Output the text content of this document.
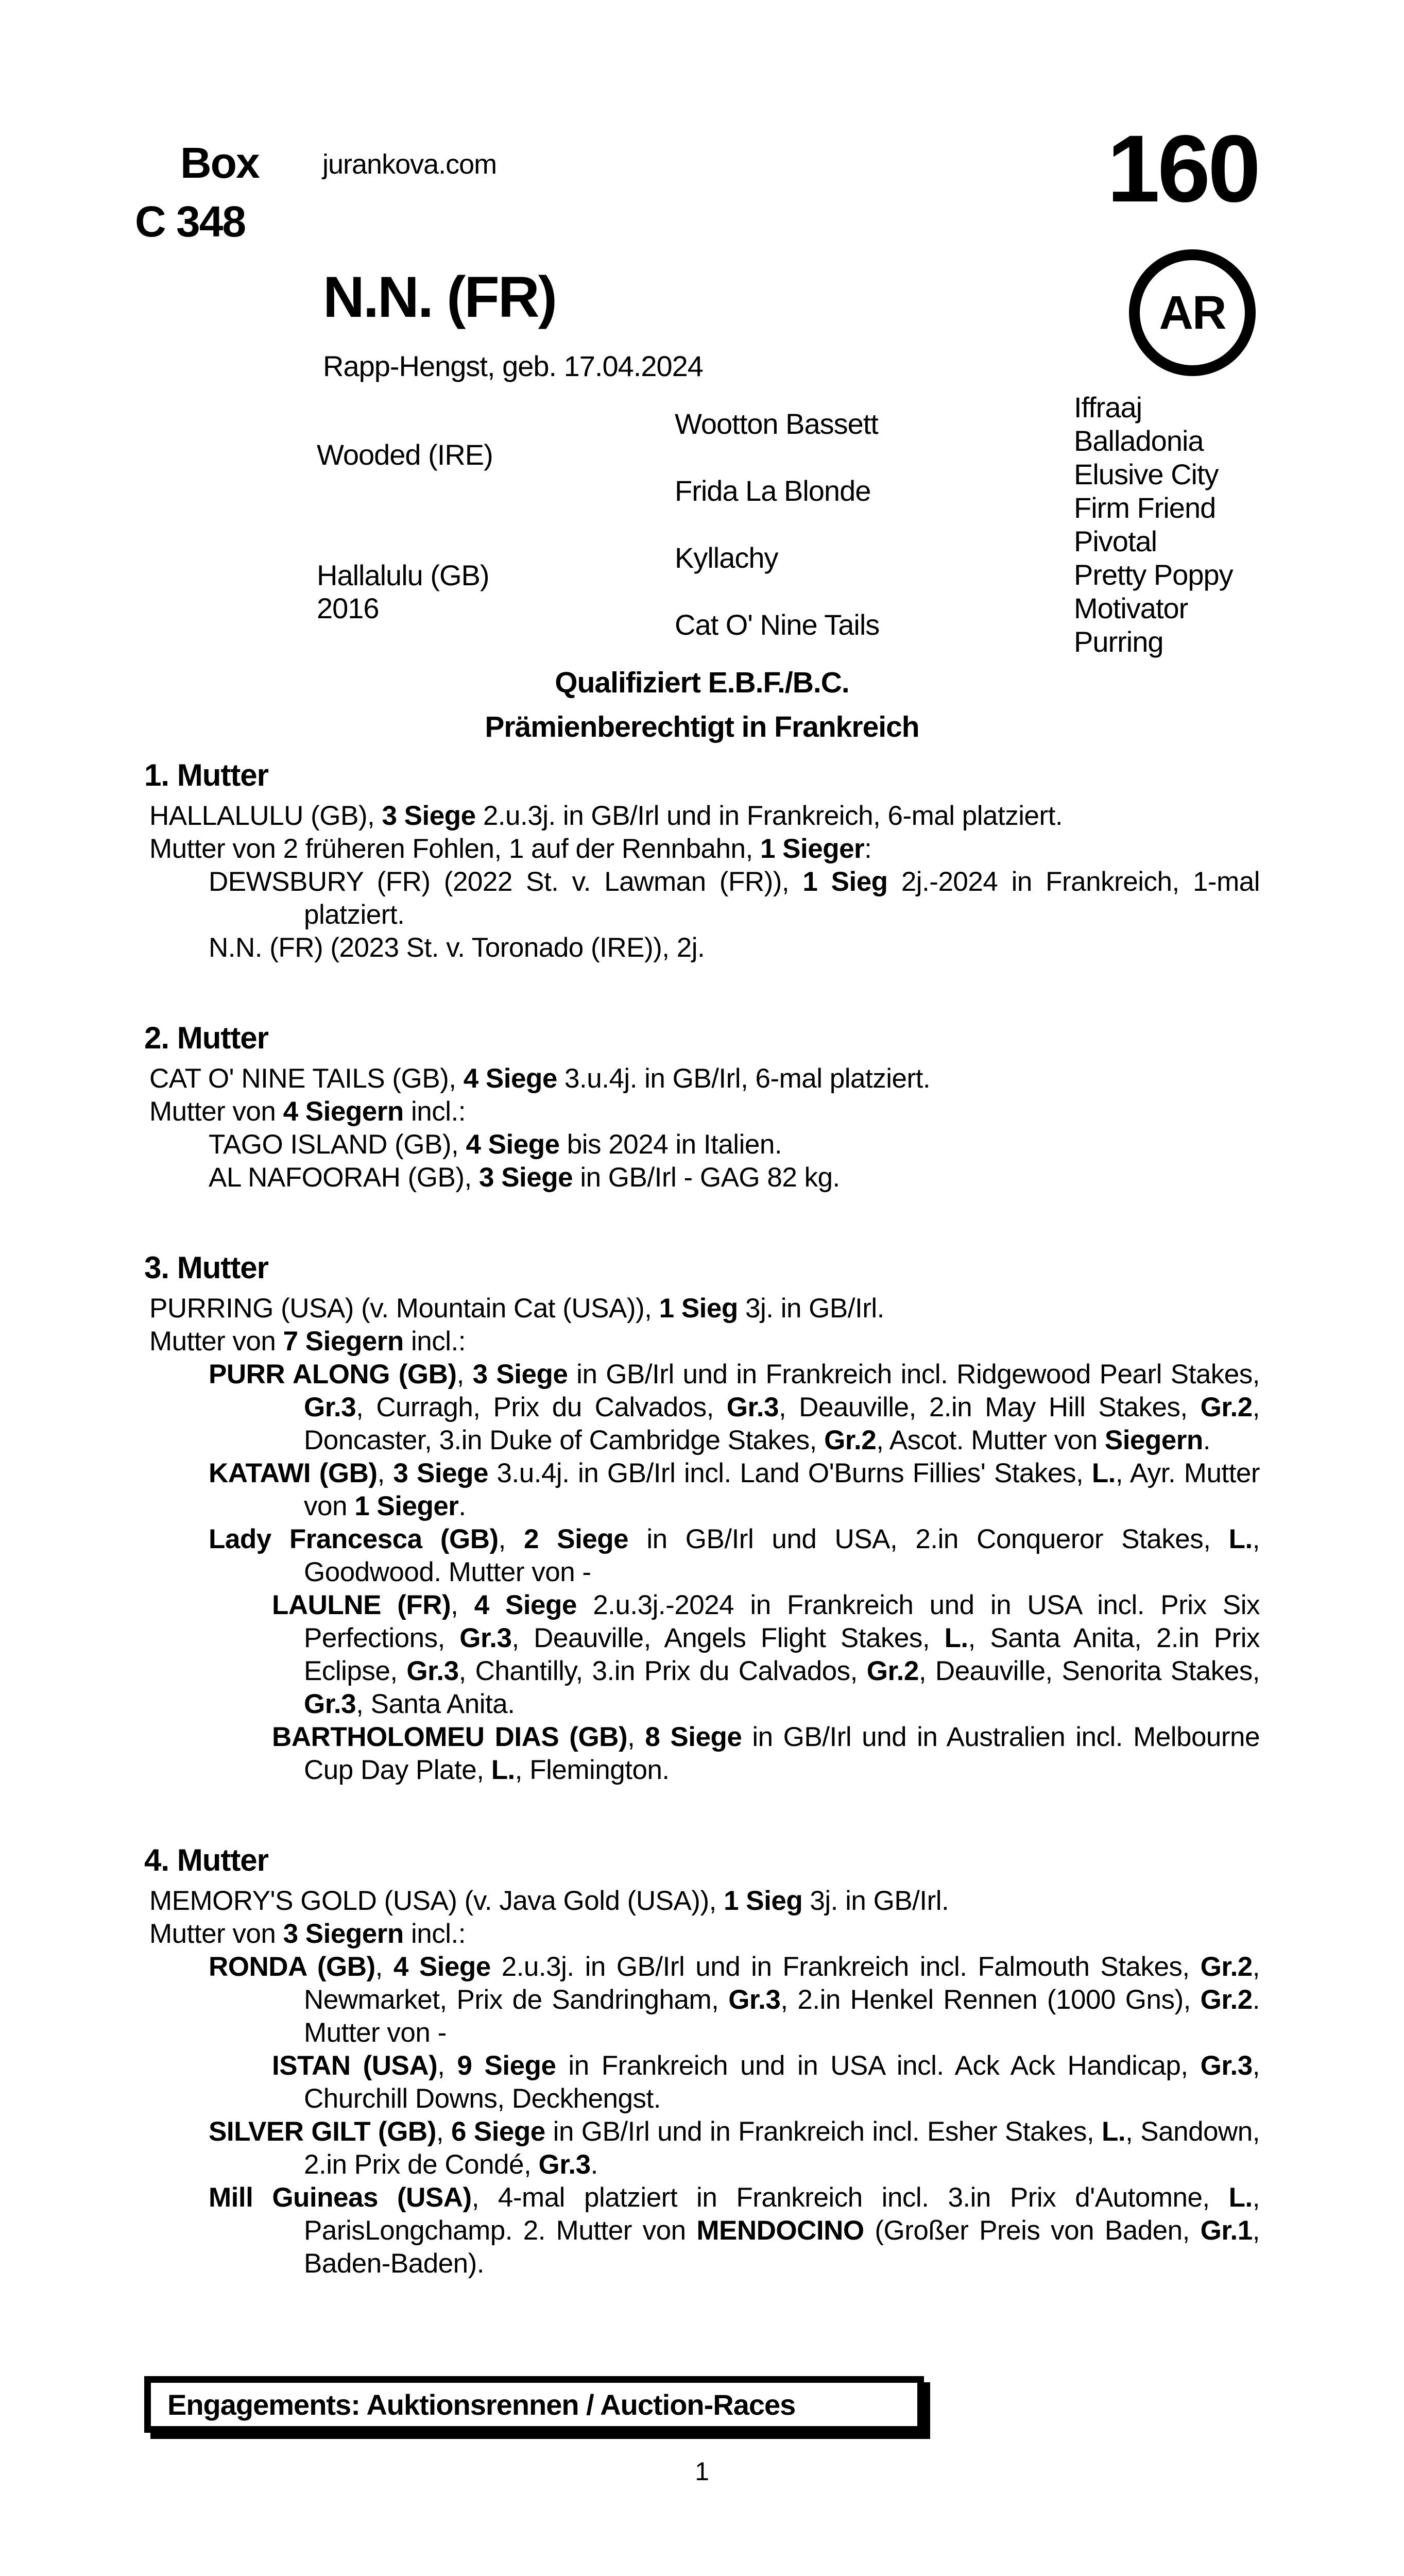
Box
C 348
jurankova.com	160
AR
N.N. (FR)
Rapp-Hengst, geb. 17.04.2024
Wooded (IRE)
Hallalulu (GB)
2016
Wootton Bassett
Frida La Blonde
Kyllachy
Cat O' Nine Tails
Iffraaj
Balladonia
Elusive City
Firm Friend
Pivotal
Pretty Poppy
Motivator
Purring
Qualifiziert E.B.F./B.C.
Prämienberechtigt in Frankreich
1. Mutter

HALLALULU (GB), 3 Siege 2.u.3j. in GB/Irl und in Frankreich, 6-mal platziert.

Mutter von 2 früheren Fohlen, 1 auf der Rennbahn, 1 Sieger:

DEWSBURY (FR) (2022 St. v. Lawman (FR)), 1 Sieg 2j.-2024 in Frankreich, 1-mal platziert.

N.N. (FR) (2023 St. v. Toronado (IRE)), 2j.

2. Mutter

CAT O' NINE TAILS (GB), 4 Siege 3.u.4j. in GB/Irl, 6-mal platziert.

Mutter von 4 Siegern incl.:

TAGO ISLAND (GB), 4 Siege bis 2024 in Italien.

AL NAFOORAH (GB), 3 Siege in GB/Irl - GAG 82 kg.

3. Mutter

PURRING (USA) (v. Mountain Cat (USA)), 1 Sieg 3j. in GB/Irl.

Mutter von 7 Siegern incl.:

PURR ALONG (GB), 3 Siege in GB/Irl und in Frankreich incl. Ridgewood Pearl Stakes, Gr.3, Curragh, Prix du Calvados, Gr.3, Deauville, 2.in May Hill Stakes, Gr.2, Doncaster, 3.in Duke of Cambridge Stakes, Gr.2, Ascot. Mutter von Siegern.

KATAWI (GB), 3 Siege 3.u.4j. in GB/Irl incl. Land O'Burns Fillies' Stakes, L., Ayr. Mutter von 1 Sieger.

Lady Francesca (GB), 2 Siege in GB/Irl und USA, 2.in Conqueror Stakes, L., Goodwood. Mutter von -

LAULNE (FR), 4 Siege 2.u.3j.-2024 in Frankreich und in USA incl. Prix Six Perfections, Gr.3, Deauville, Angels Flight Stakes, L., Santa Anita, 2.in Prix Eclipse, Gr.3, Chantilly, 3.in Prix du Calvados, Gr.2, Deauville, Senorita Stakes, Gr.3, Santa Anita.

BARTHOLOMEU DIAS (GB), 8 Siege in GB/Irl und in Australien incl. Melbourne Cup Day Plate, L., Flemington.

4. Mutter

MEMORY'S GOLD (USA) (v. Java Gold (USA)), 1 Sieg 3j. in GB/Irl.

Mutter von 3 Siegern incl.:

RONDA (GB), 4 Siege 2.u.3j. in GB/Irl und in Frankreich incl. Falmouth Stakes, Gr.2, Newmarket, Prix de Sandringham, Gr.3, 2.in Henkel Rennen (1000 Gns), Gr.2. Mutter von -

ISTAN (USA), 9 Siege in Frankreich und in USA incl. Ack Ack Handicap, Gr.3, Churchill Downs, Deckhengst.

SILVER GILT (GB), 6 Siege in GB/Irl und in Frankreich incl. Esher Stakes, L., Sandown, 2.in Prix de Condé, Gr.3.

Mill Guineas (USA), 4-mal platziert in Frankreich incl. 3.in Prix d'Automne, L., ParisLongchamp. 2. Mutter von MENDOCINO (Großer Preis von Baden, Gr.1, Baden-Baden).

Engagements: Auktionsrennen / Auction-Races
1
